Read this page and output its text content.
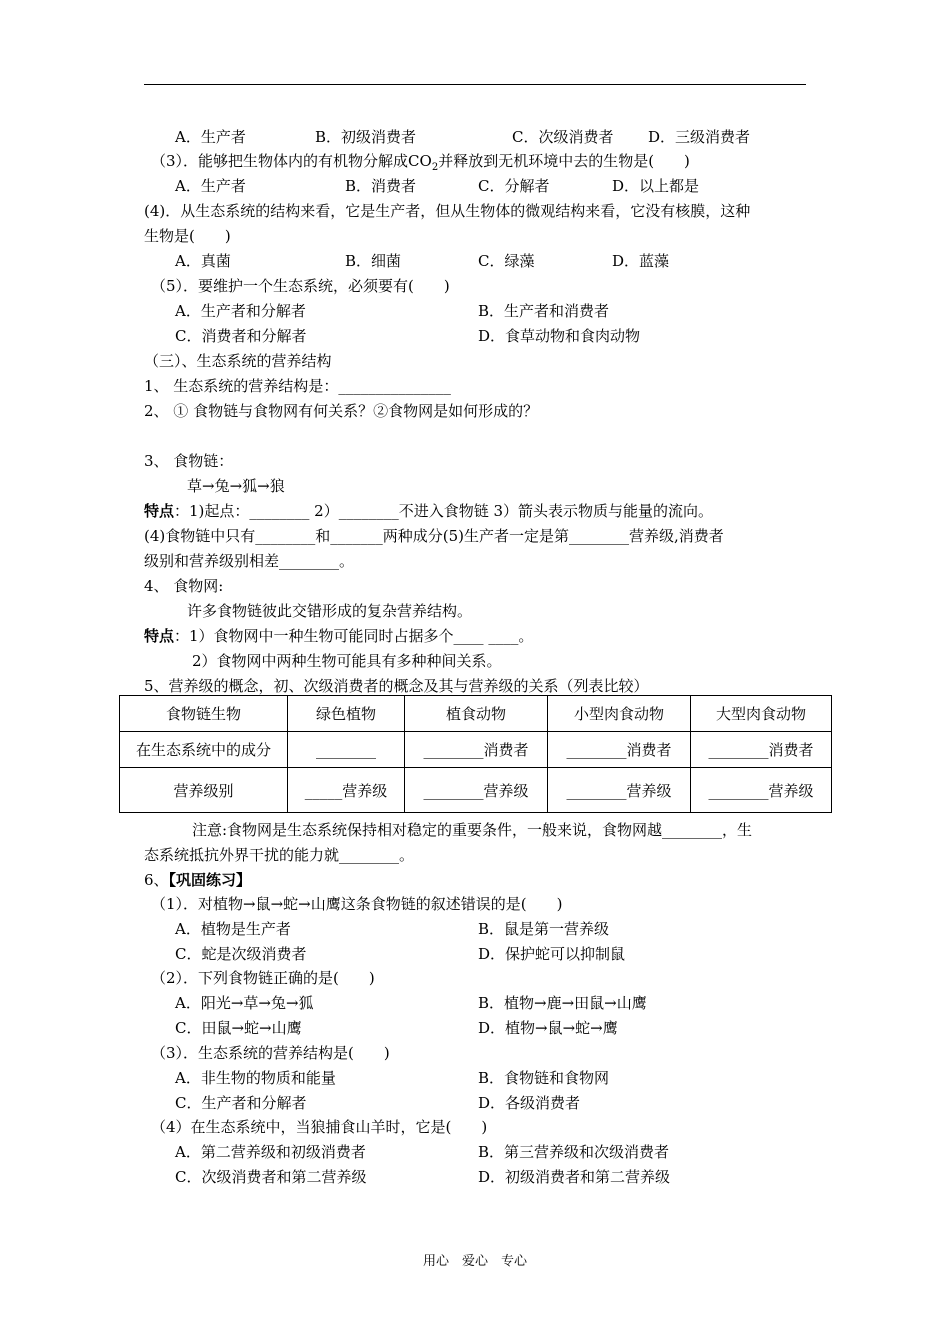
A．生产者	B．初级消费者	C．次级消费者 D．三级消费者
（3）．能够把生物体内的有机物分解成$CO_2$并释放到无机环境中去的生物是(　　)
A．生产者	B．消费者	C．分解者	D．以上都是
(4)．从生态系统的结构来看，它是生产者，但从生物体的微观结构来看，它没有核膜，这种
生物是(　　)
A．真菌	B．细菌	C．绿藻	D．蓝藻
（5）．要维护一个生态系统，必须要有(　　)
A．生产者和分解者	B．生产者和消费者
C．消费者和分解者	D．食草动物和食肉动物
（三）、生态系统的营养结构
1、 生态系统的营养结构是：_______________
2、 ① 食物链与食物网有何关系？②食物网是如何形成的？
3、 食物链：
草→兔→狐→狼
特点：1)起点：________ 2）________不进入食物链 3）箭头表示物质与能量的流向。
(4)食物链中只有________和_______两种成分(5)生产者一定是第________营养级,消费者
级别和营养级别相差________。
4、 食物网:
许多食物链彼此交错形成的复杂营养结构。
特点：1）食物网中一种生物可能同时占据多个____ ____。
2）食物网中两种生物可能具有多种种间关系。
5、营养级的概念，初、次级消费者的概念及其与营养级的关系（列表比较）
食物链生物	绿色植物	植食动物	小型肉食动物	大型肉食动物
在生态系统中的成分	________	________消费者	________消费者	________消费者
营养级别	_____营养级	________营养级	________营养级	________营养级
注意:食物网是生态系统保持相对稳定的重要条件，一般来说，食物网越________，生
态系统抵抗外界干扰的能力就________。
6、【巩固练习】
（1）．对植物→鼠→蛇→山鹰这条食物链的叙述错误的是(　　)
A．植物是生产者	B．鼠是第一营养级
C．蛇是次级消费者	D．保护蛇可以抑制鼠
（2）．下列食物链正确的是(　　)
A．阳光→草→兔→狐	B．植物→鹿→田鼠→山鹰
C．田鼠→蛇→山鹰	D．植物→鼠→蛇→鹰
（3）．生态系统的营养结构是(　　)
A．非生物的物质和能量	B．食物链和食物网
C．生产者和分解者	D．各级消费者
（4）在生态系统中，当狼捕食山羊时，它是(　　)
A．第二营养级和初级消费者	B．第三营养级和次级消费者
C．次级消费者和第二营养级	D．初级消费者和第二营养级
用心　爱心　专心
